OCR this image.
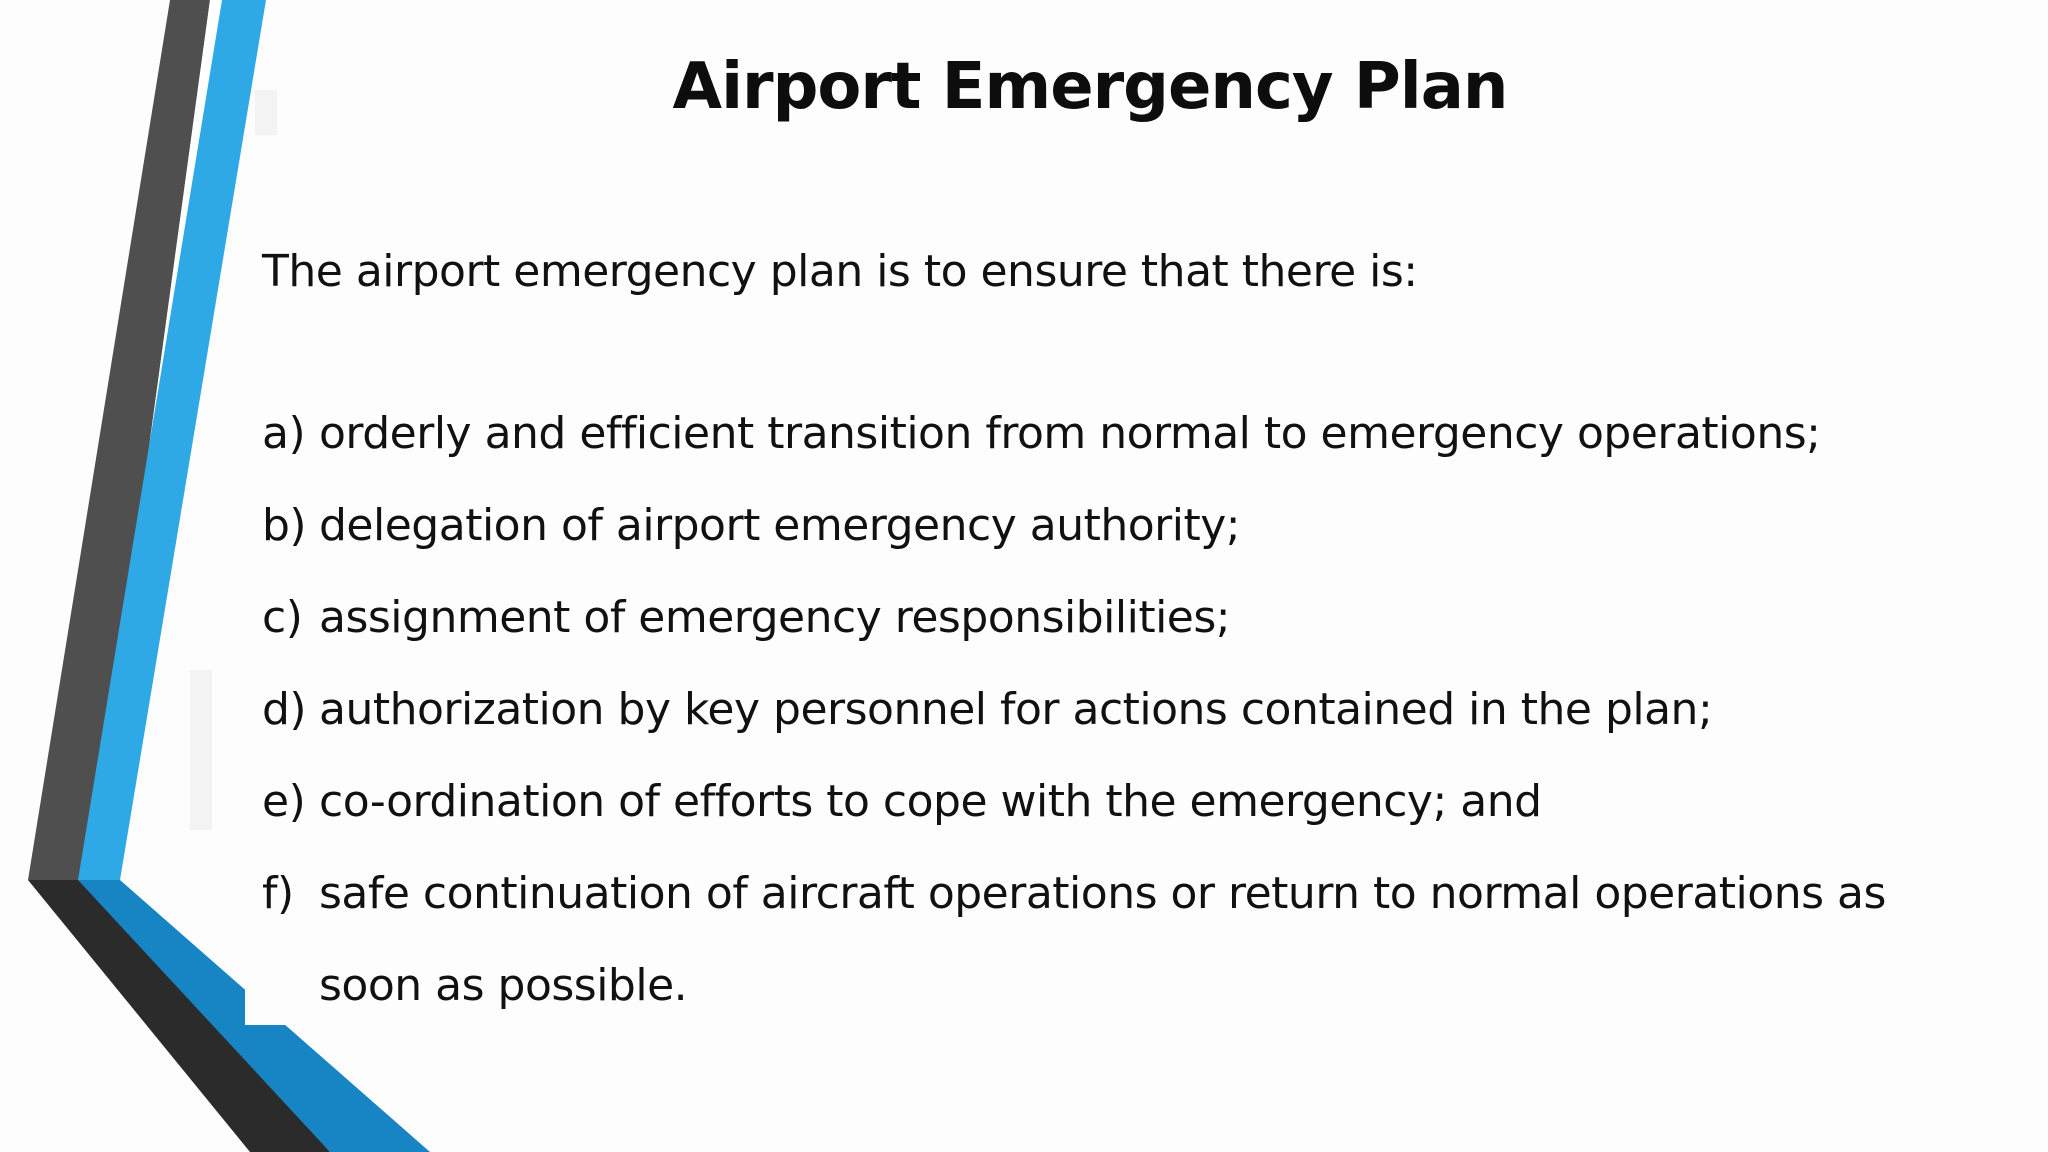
Airport Emergency Plan
The airport emergency plan is to ensure that there is:
a) orderly and efficient transition from normal to emergency operations;
b) delegation of airport emergency authority;
c) assignment of emergency responsibilities;
d) authorization by key personnel for actions contained in the plan;
e) co-ordination of efforts to cope with the emergency; and
f) safe continuation of aircraft operations or return to normal operations as soon as possible.
